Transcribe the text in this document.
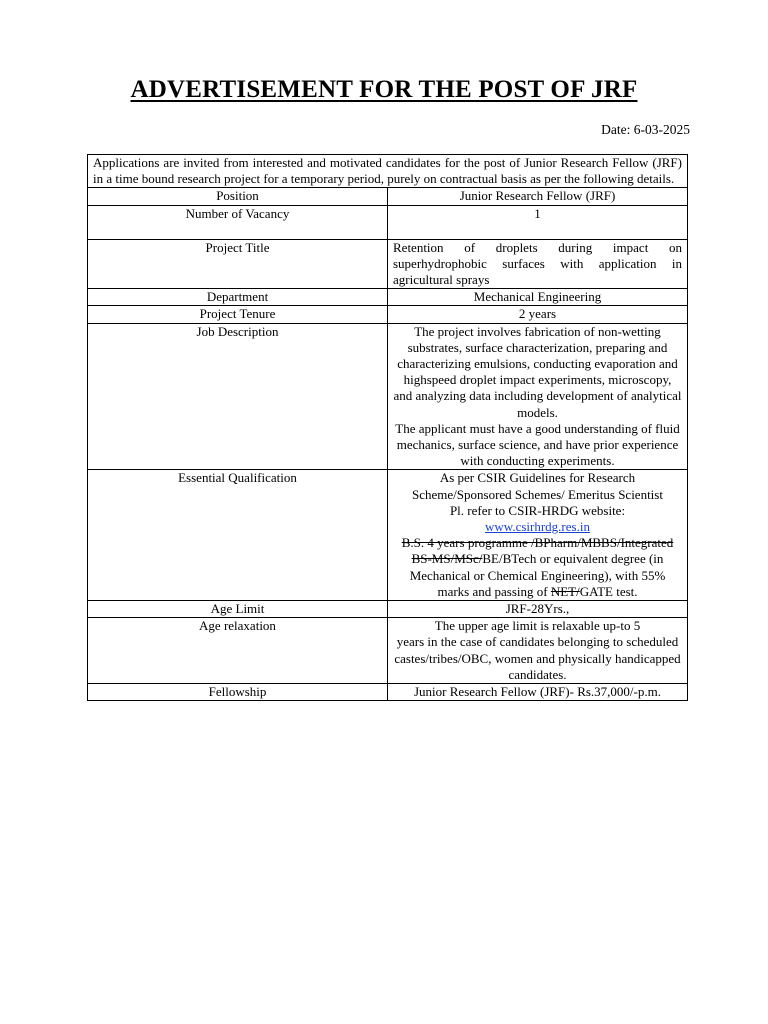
ADVERTISEMENT FOR THE POST OF JRF
Date: 6-03-2025
Applications are invited from interested and motivated candidates for the post of Junior Research Fellow (JRF) in a time bound research project for a temporary period, purely on contractual basis as per the following details.	
Position	Junior Research Fellow (JRF)
Number of Vacancy	1
Project Title	Retention of droplets during impact on superhydrophobic surfaces with application in agricultural sprays
Department	Mechanical Engineering
Project Tenure	2 years
Job Description	The project involves fabrication of non-wetting substrates, surface characterization, preparing and characterizing emulsions, conducting evaporation and highspeed droplet impact experiments, microscopy, and analyzing data including development of analytical models.
The applicant must have a good understanding of fluid mechanics, surface science, and have prior experience with conducting experiments.

Essential Qualification	As per CSIR Guidelines for Research Scheme/Sponsored Schemes/ Emeritus Scientist
Pl. refer to CSIR-HRDG website:
www.csirhrdg.res.in
B.S. 4 years programme /BPharm/MBBS/Integrated BS-MS/MSc/BE/BTech or equivalent degree (in Mechanical or Chemical Engineering), with 55% marks and passing of NET/GATE test.

Age Limit	JRF-28Yrs.,
Age relaxation	The upper age limit is relaxable up-to 5
years in the case of candidates belonging to scheduled castes/tribes/OBC, women and physically handicapped candidates.

Fellowship	Junior Research Fellow (JRF)- Rs.37,000/-p.m.
